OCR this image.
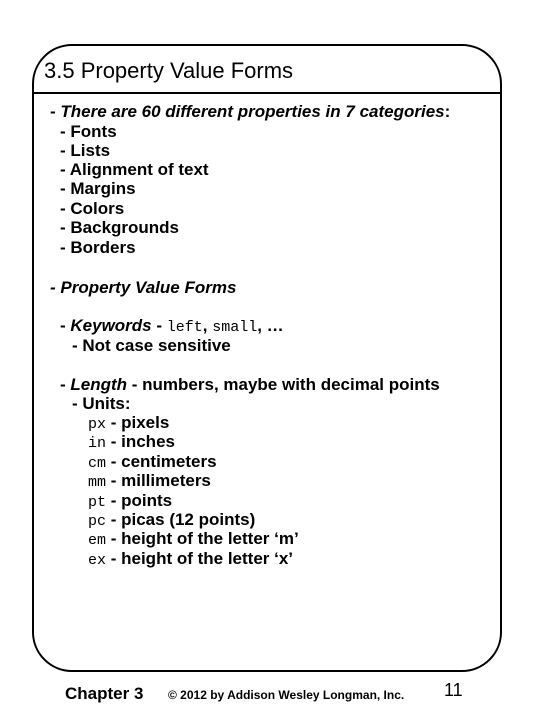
3.5 Property Value Forms
- There are 60 different properties in 7 categories:
- Fonts
- Lists
- Alignment of text
- Margins
- Colors
- Backgrounds
- Borders
- Property Value Forms
- Keywords - left, small, …
- Not case sensitive
- Length - numbers, maybe with decimal points
- Units:
px - pixels
in - inches
cm - centimeters
mm - millimeters
pt - points
pc - picas (12 points)
em - height of the letter ‘m’
ex - height of the letter ‘x’
Chapter 3 © 2012 by Addison Wesley Longman, Inc. 11
